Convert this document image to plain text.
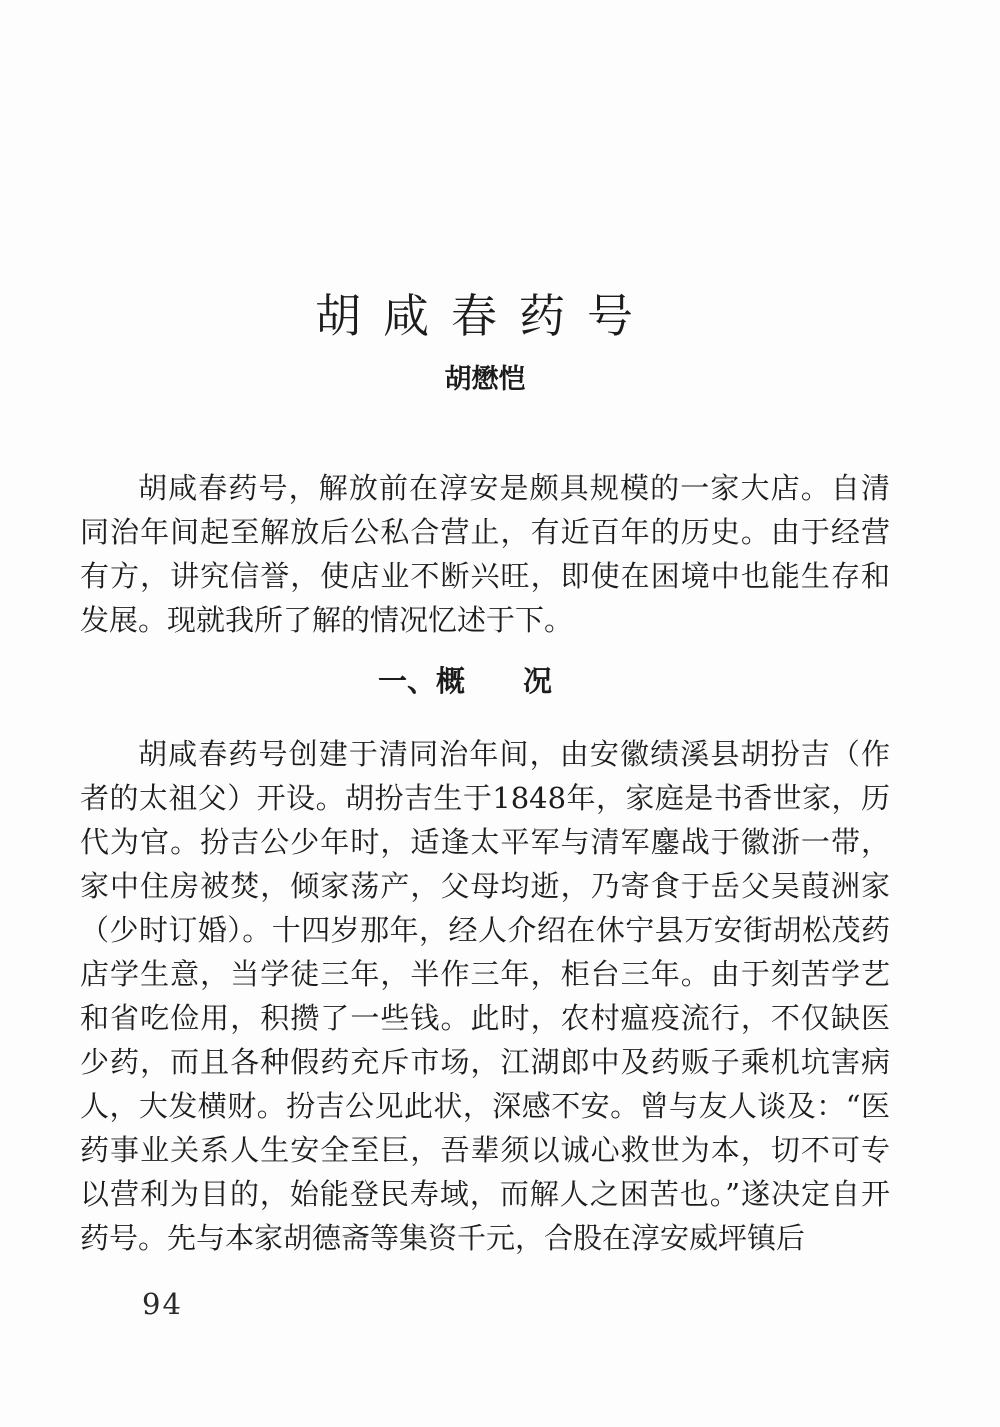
胡咸春药号
胡懋恺

胡咸春药号，解放前在淳安是颇具规模的一家大店。自清同治年间起至解放后公私合营止，有近百年的历史。由于经营有方，讲究信誉，使店业不断兴旺，即使在困境中也能生存和发展。现就我所了解的情况忆述于下。

一、概　　况

胡咸春药号创建于清同治年间，由安徽绩溪县胡扮吉（作者的太祖父）开设。胡扮吉生于1848年，家庭是书香世家，历代为官。扮吉公少年时，适逢太平军与清军鏖战于徽浙一带，家中住房被焚，倾家荡产，父母均逝，乃寄食于岳父吴葭洲家（少时订婚）。十四岁那年，经人介绍在休宁县万安街胡松茂药店学生意，当学徒三年，半作三年，柜台三年。由于刻苦学艺和省吃俭用，积攒了一些钱。此时，农村瘟疫流行，不仅缺医少药，而且各种假药充斥市场，江湖郎中及药贩子乘机坑害病人，大发横财。扮吉公见此状，深感不安。曾与友人谈及：“医药事业关系人生安全至巨，吾辈须以诚心救世为本，切不可专以营利为目的，始能登民寿域，而解人之困苦也。”遂决定自开药号。先与本家胡德斋等集资千元，合股在淳安威坪镇后

94
